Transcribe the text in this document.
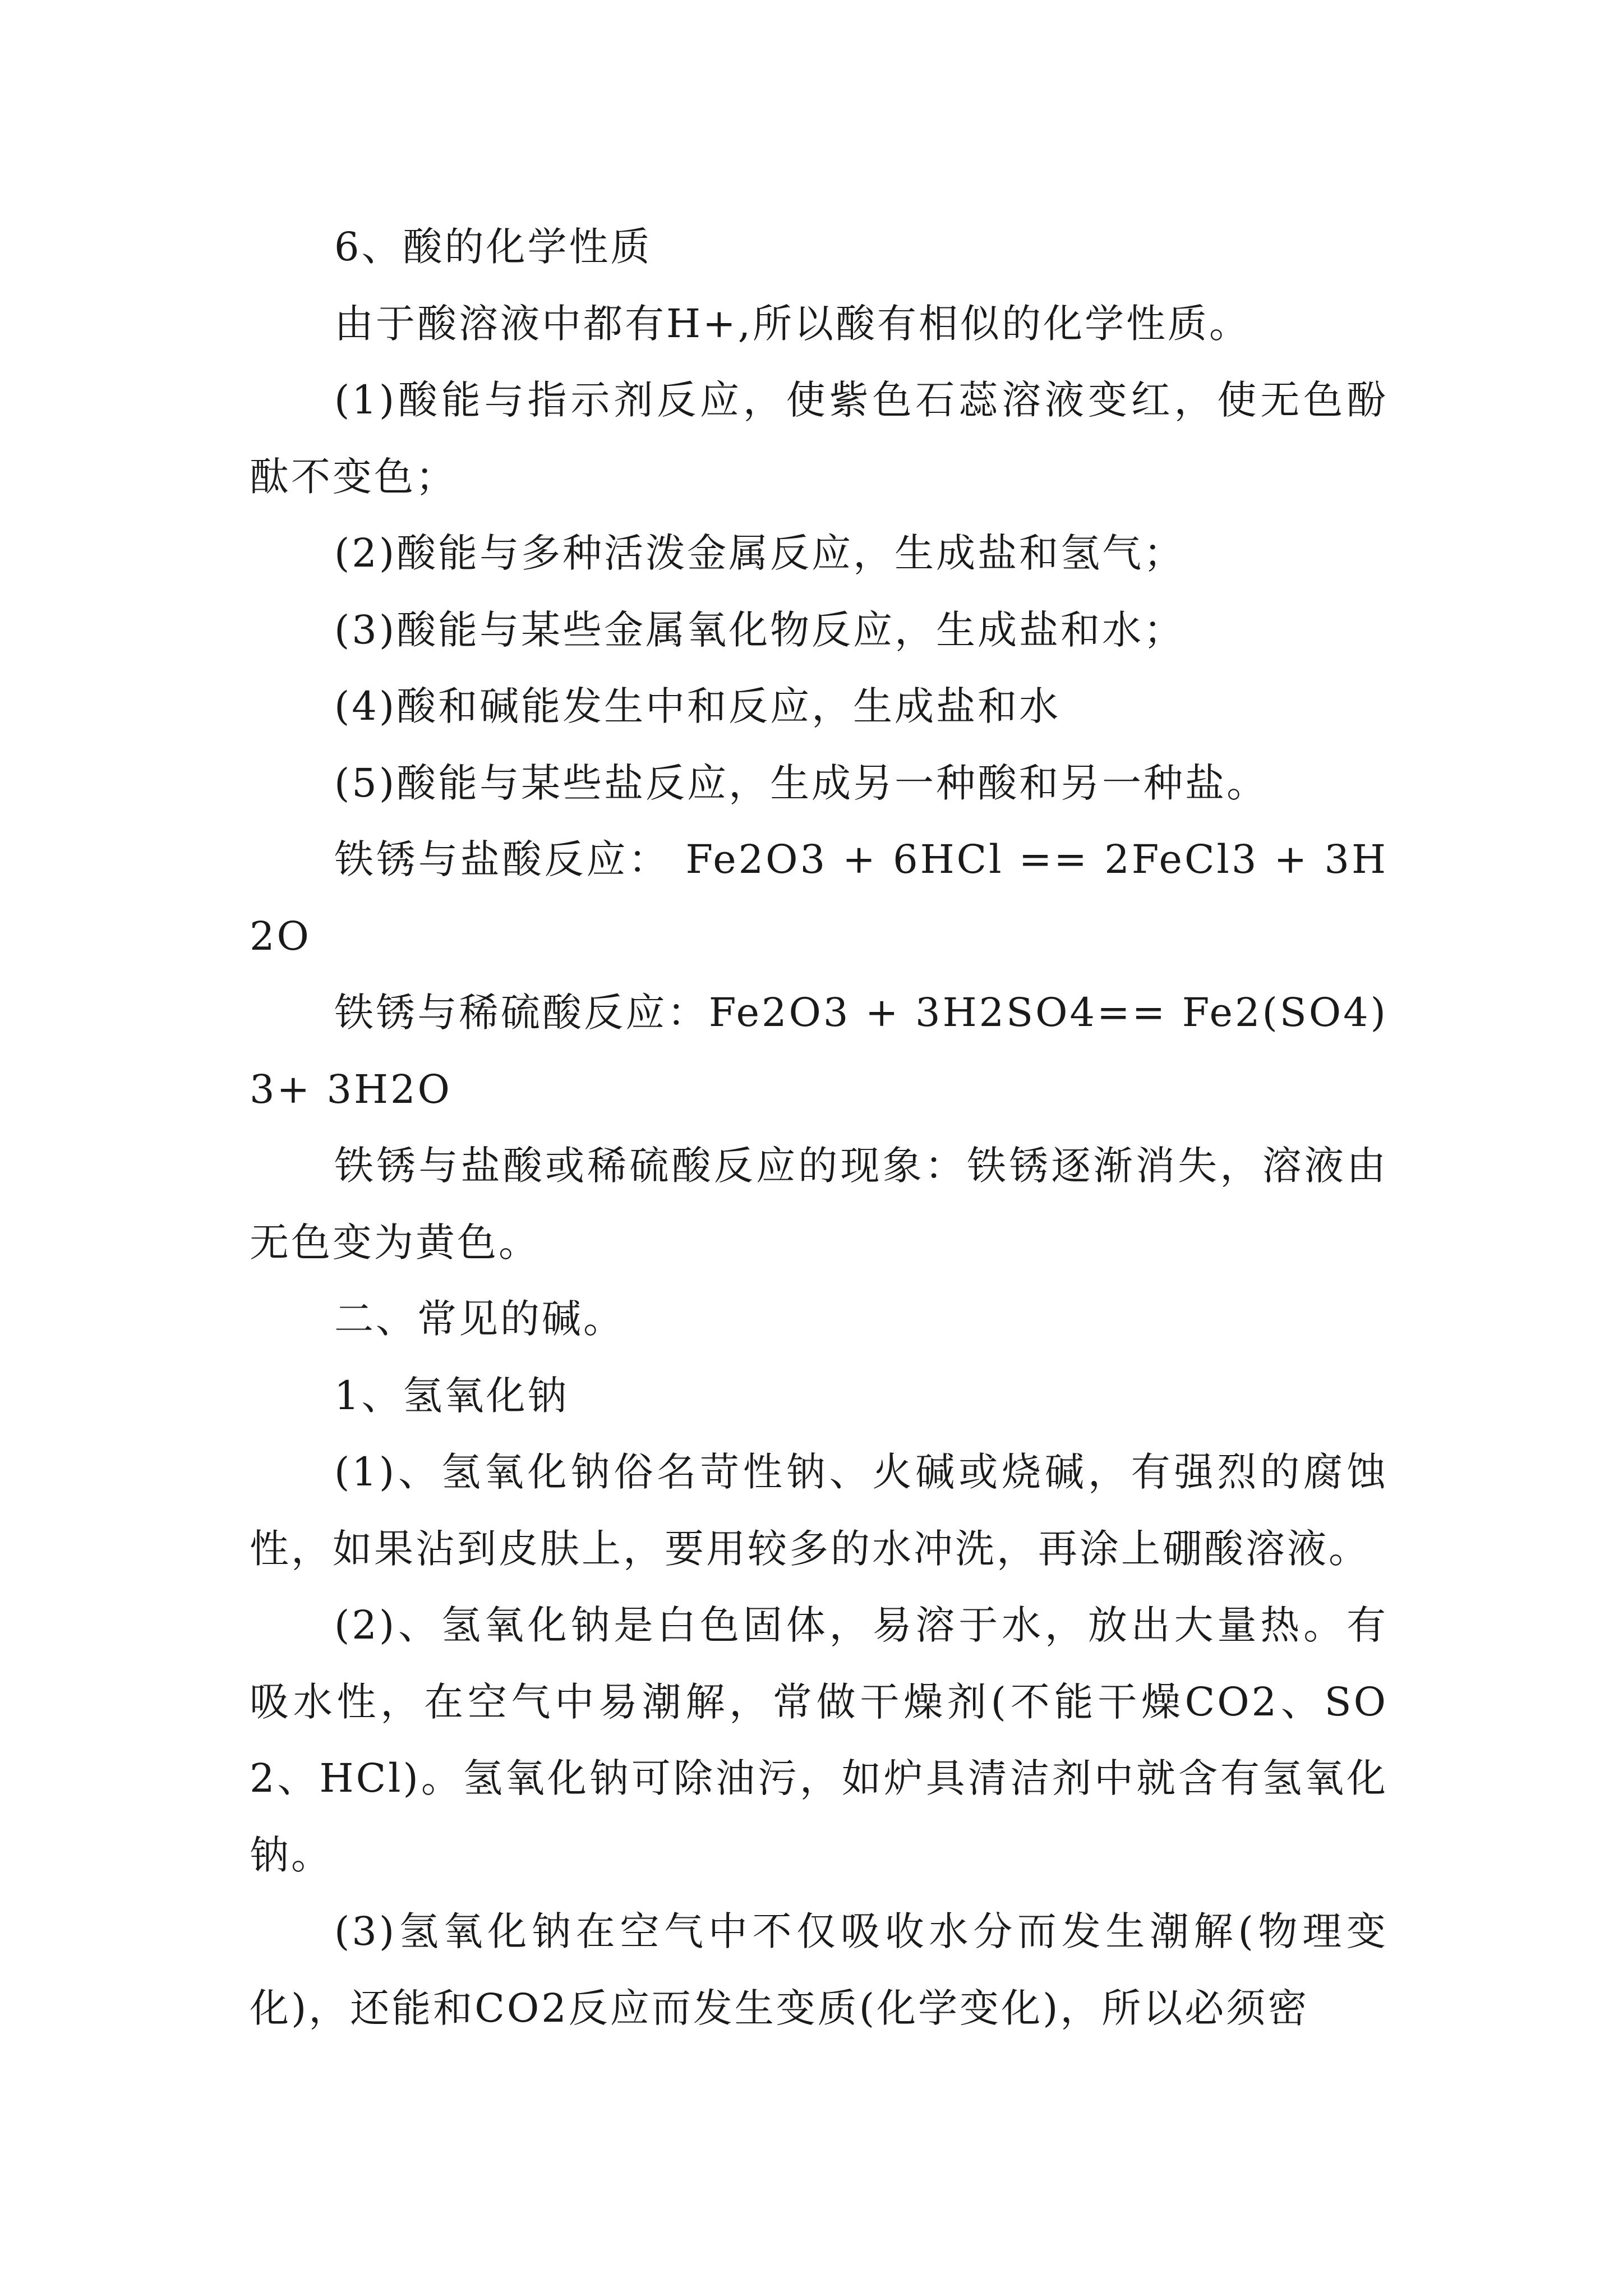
6、酸的化学性质

由于酸溶液中都有H+,所以酸有相似的化学性质。

(1)酸能与指示剂反应，使紫色石蕊溶液变红，使无色酚酞不变色；

(2)酸能与多种活泼金属反应，生成盐和氢气；

(3)酸能与某些金属氧化物反应，生成盐和水；

(4)酸和碱能发生中和反应，生成盐和水

(5)酸能与某些盐反应，生成另一种酸和另一种盐。

铁锈与盐酸反应： Fe2O3 + 6HCl == 2FeCl3 + 3H2O

铁锈与稀硫酸反应：Fe2O3 + 3H2SO4== Fe2(SO4)3+ 3H2O

铁锈与盐酸或稀硫酸反应的现象：铁锈逐渐消失，溶液由无色变为黄色。

二、常见的碱。

1、氢氧化钠

(1)、氢氧化钠俗名苛性钠、火碱或烧碱，有强烈的腐蚀性，如果沾到皮肤上，要用较多的水冲洗，再涂上硼酸溶液。

(2)、氢氧化钠是白色固体，易溶于水，放出大量热。有吸水性，在空气中易潮解，常做干燥剂(不能干燥CO2、SO2、HCl)。氢氧化钠可除油污，如炉具清洁剂中就含有氢氧化钠。

(3)氢氧化钠在空气中不仅吸收水分而发生潮解(物理变化)，还能和CO2反应而发生变质(化学变化)，所以必须密
